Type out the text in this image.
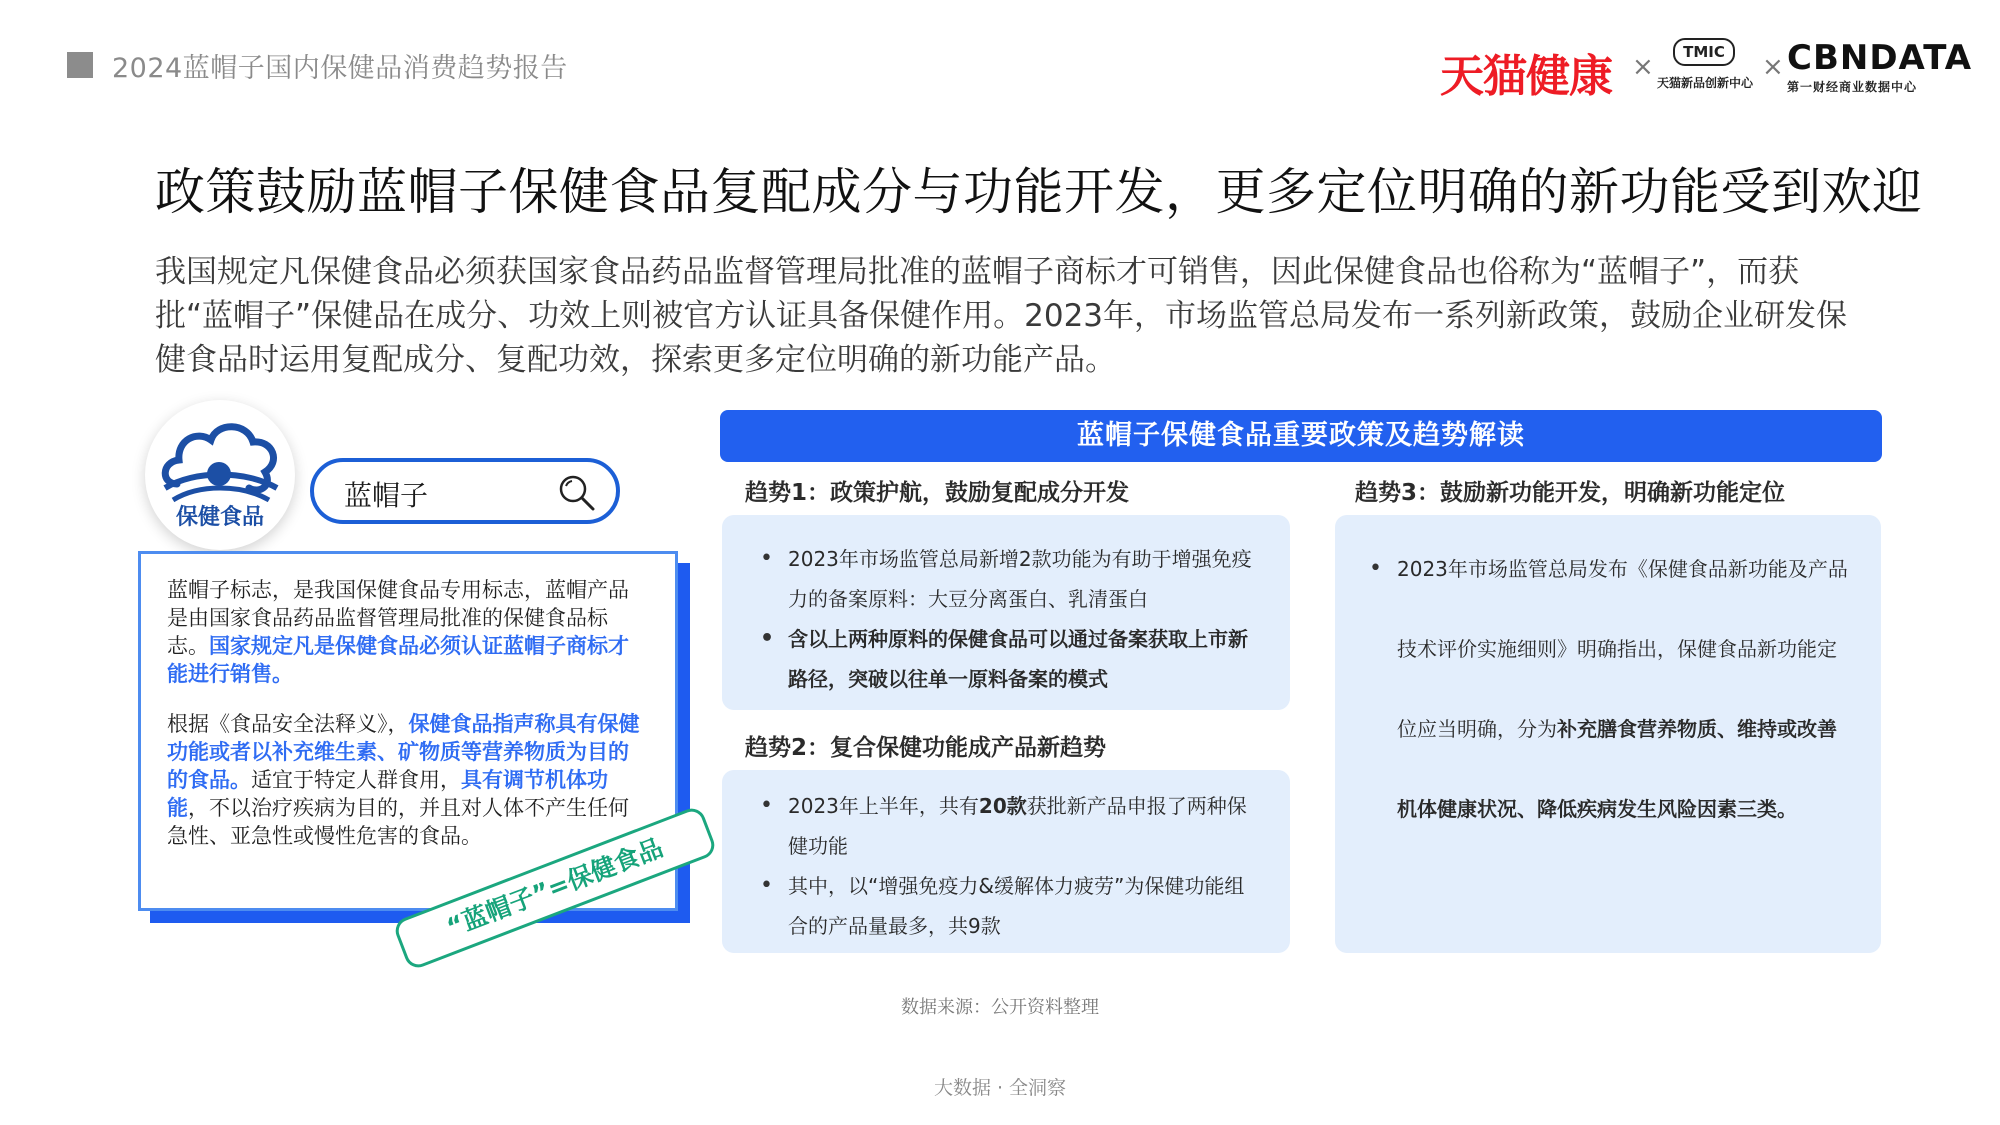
2024蓝帽子国内保健品消费趋势报告	天猫健康 ×	TMIC
天猫新品创新中心
× CBNDATA
第一财经商业数据中心
政策鼓励蓝帽子保健食品复配成分与功能开发，更多定位明确的新功能受到欢迎
我国规定凡保健食品必须获国家食品药品监督管理局批准的蓝帽子商标才可销售，因此保健食品也俗称为“蓝帽子”，而获批“蓝帽子”保健品在成分、功效上则被官方认证具备保健作用。2023年，市场监管总局发布一系列新政策，鼓励企业研发保健食品时运用复配成分、复配功效，探索更多定位明确的新功能产品。
保健食品
蓝帽子

蓝帽子标志，是我国保健食品专用标志，蓝帽产品是由国家食品药品监督管理局批准的保健食品标志。国家规定凡是保健食品必须认证蓝帽子商标才能进行销售。

根据《食品安全法释义》，保健食品指声称具有保健功能或者以补充维生素、矿物质等营养物质为目的的食品。适宜于特定人群食用，具有调节机体功能，不以治疗疾病为目的，并且对人体不产生任何急性、亚急性或慢性危害的食品。

“蓝帽子”=保健食品
蓝帽子保健食品重要政策及趋势解读
趋势1：政策护航，鼓励复配成分开发
• 2023年市场监管总局新增2款功能为有助于增强免疫力的备案原料：大豆分离蛋白、乳清蛋白
• 含以上两种原料的保健食品可以通过备案获取上市新路径，突破以往单一原料备案的模式
趋势2：复合保健功能成产品新趋势
• 2023年上半年，共有20款获批新产品申报了两种保健功能
• 其中，以“增强免疫力&缓解体力疲劳”为保健功能组合的产品量最多，共9款
趋势3：鼓励新功能开发，明确新功能定位
• 2023年市场监管总局发布《保健食品新功能及产品技术评价实施细则》明确指出，保健食品新功能定位应当明确，分为补充膳食营养物质、维持或改善机体健康状况、降低疾病发生风险因素三类。
数据来源：公开资料整理
大数据 · 全洞察
